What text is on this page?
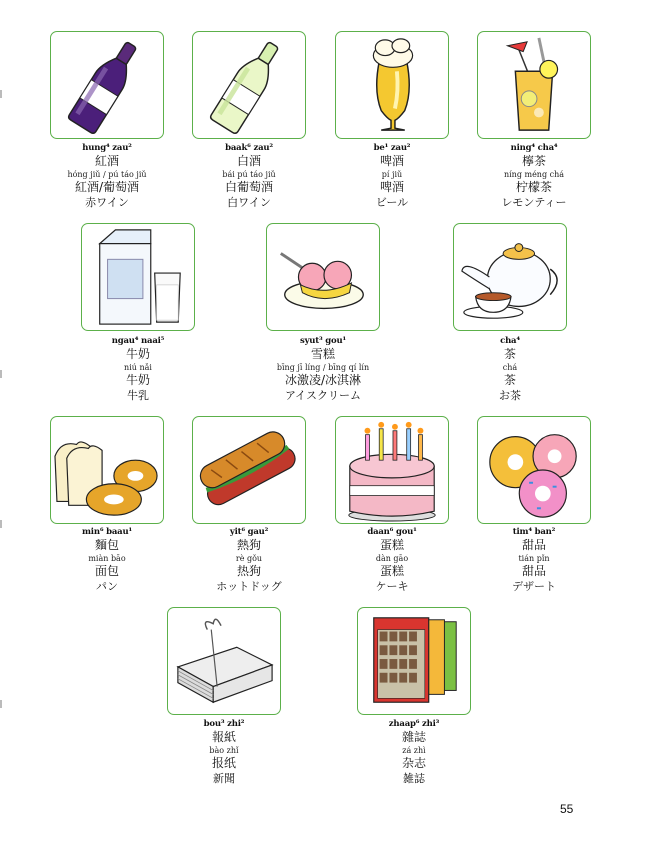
hung⁴ zau²
紅酒
hóng jiǔ / pú táo jiǔ
紅酒/葡萄酒
赤ワイン
baak⁶ zau²
白酒
bái pú táo jiǔ
白葡萄酒
白ワイン
be¹ zau²
啤酒
pí jiǔ
啤酒
ビール
ning⁴ cha⁴
檸茶
níng méng chá
柠檬茶
レモンティー
ngau⁴ naai⁵
牛奶
niú nǎi
牛奶
牛乳
syut³ gou¹
雪糕
bīng jī líng / bīng qí lín
冰激凌/冰淇淋
アイスクリーム
cha⁴
茶
chá
茶
お茶
min⁶ baau¹
麵包
miàn bāo
面包
パン
yit⁶ gau²
熱狗
rè gǒu
热狗
ホットドッグ
daan⁶ gou¹
蛋糕
dàn gāo
蛋糕
ケーキ
tim⁴ ban²
甜品
tián pǐn
甜品
デザート
bou³ zhi²
報紙
bào zhǐ
报纸
新聞
zhaap⁶ zhi³
雜誌
zá zhì
杂志
雑誌
55
